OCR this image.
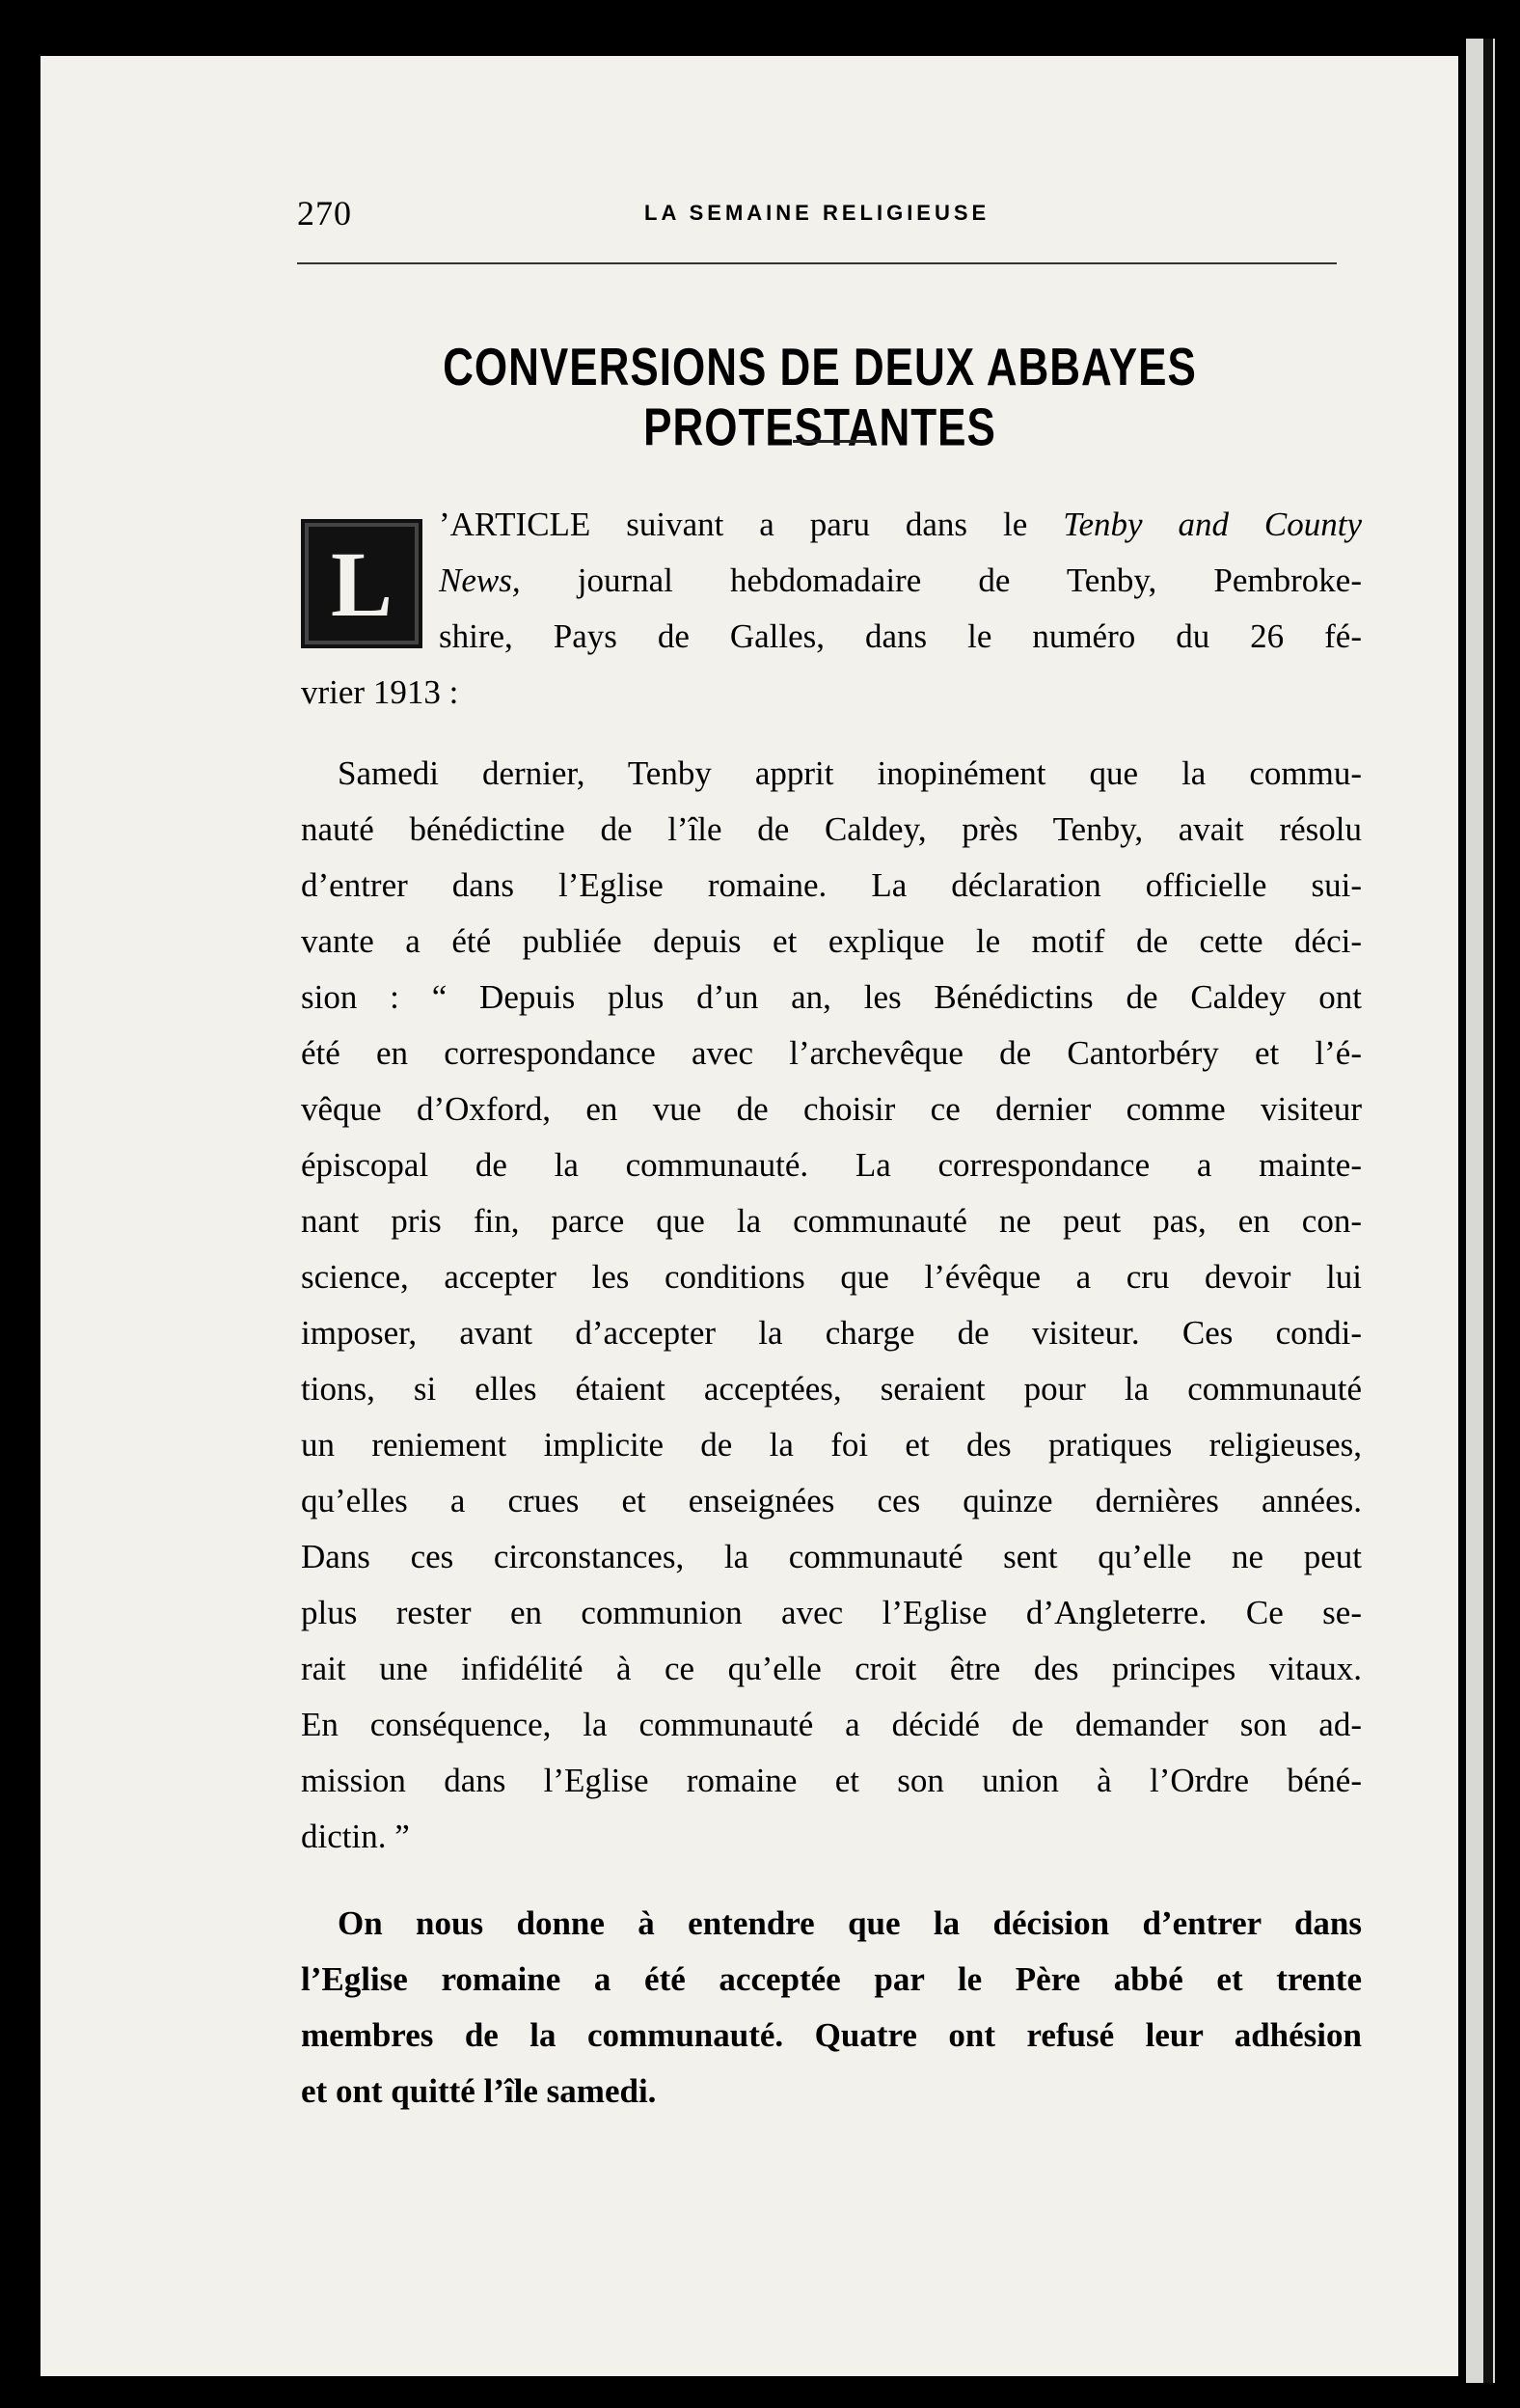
270	LA SEMAINE RELIGIEUSE
CONVERSIONS DE DEUX ABBAYES PROTESTANTES
L
’ARTICLE suivant a paru dans le Tenby and County
News, journal hebdomadaire de Tenby, Pembroke-
shire, Pays de Galles, dans le numéro du 26 fé-
vrier 1913 :
Samedi dernier, Tenby apprit inopinément que la commu-
nauté bénédictine de l’île de Caldey, près Tenby, avait résolu
d’entrer dans l’Eglise romaine. La déclaration officielle sui-
vante a été publiée depuis et explique le motif de cette déci-
sion : “ Depuis plus d’un an, les Bénédictins de Caldey ont
été en correspondance avec l’archevêque de Cantorbéry et l’é-
vêque d’Oxford, en vue de choisir ce dernier comme visiteur
épiscopal de la communauté. La correspondance a mainte-
nant pris fin, parce que la communauté ne peut pas, en con-
science, accepter les conditions que l’évêque a cru devoir lui
imposer, avant d’accepter la charge de visiteur. Ces condi-
tions, si elles étaient acceptées, seraient pour la communauté
un reniement implicite de la foi et des pratiques religieuses,
qu’elles a crues et enseignées ces quinze dernières années.
Dans ces circonstances, la communauté sent qu’elle ne peut
plus rester en communion avec l’Eglise d’Angleterre. Ce se-
rait une infidélité à ce qu’elle croit être des principes vitaux.
En conséquence, la communauté a décidé de demander son ad-
mission dans l’Eglise romaine et son union à l’Ordre béné-
dictin. ”
On nous donne à entendre que la décision d’entrer dans
l’Eglise romaine a été acceptée par le Père abbé et trente
membres de la communauté. Quatre ont refusé leur adhésion
et ont quitté l’île samedi.
